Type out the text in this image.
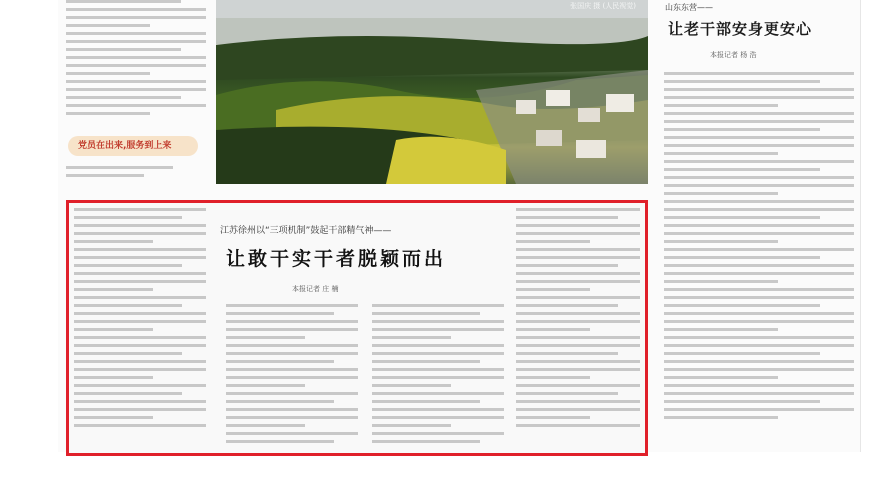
党员在出来,服务到上来
张国庆 摄 (人民视觉)	山东东营——
让老干部安身更安心
本报记者 杨 浩
江苏徐州以“三项机制”鼓起干部精气神——
让敢干实干者脱颖而出
本报记者 庄 楠
